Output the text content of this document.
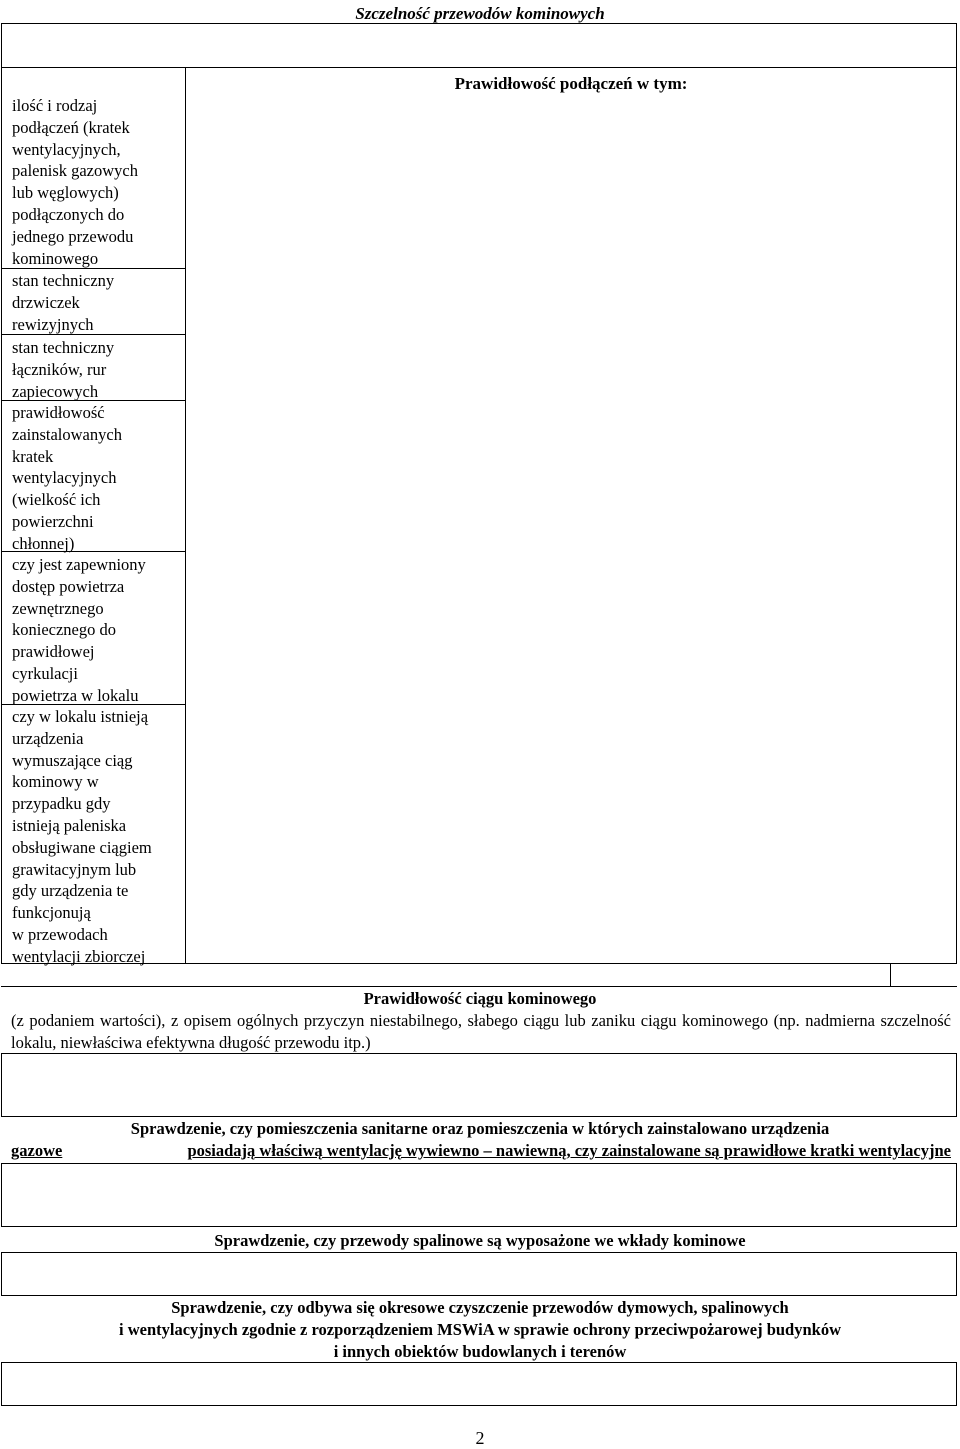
Szczelność przewodów kominowych
ilość i rodzaj
podłączeń (kratek
wentylacyjnych,
palenisk gazowych
lub węglowych)
podłączonych do
jednego przewodu
kominowego
stan techniczny
drzwiczek
rewizyjnych
stan techniczny
łączników, rur
zapiecowych
prawidłowość
zainstalowanych
kratek
wentylacyjnych
(wielkość ich
powierzchni
chłonnej)
czy jest zapewniony
dostęp powietrza
zewnętrznego
koniecznego do
prawidłowej
cyrkulacji
powietrza w lokalu
czy w lokalu istnieją
urządzenia
wymuszające ciąg
kominowy w
przypadku gdy
istnieją paleniska
obsługiwane ciągiem
grawitacyjnym lub
gdy urządzenia te
funkcjonują
w przewodach
wentylacji zbiorczej
Prawidłowość podłączeń w tym:
Prawidłowość ciągu kominowego
(z podaniem wartości), z opisem ogólnych przyczyn niestabilnego, słabego ciągu lub zaniku ciągu kominowego (np. nadmierna szczelność lokalu, niewłaściwa efektywna długość przewodu itp.)
Sprawdzenie, czy pomieszczenia sanitarne oraz pomieszczenia w których zainstalowano urządzenia
gazowe	posiadają właściwą wentylację wywiewno – nawiewną, czy zainstalowane są prawidłowe kratki wentylacyjne
Sprawdzenie, czy przewody spalinowe są wyposażone we wkłady kominowe
Sprawdzenie, czy odbywa się okresowe czyszczenie przewodów dymowych, spalinowych
i wentylacyjnych zgodnie z rozporządzeniem MSWiA w sprawie ochrony przeciwpożarowej budynków
i innych obiektów budowlanych i terenów
2
